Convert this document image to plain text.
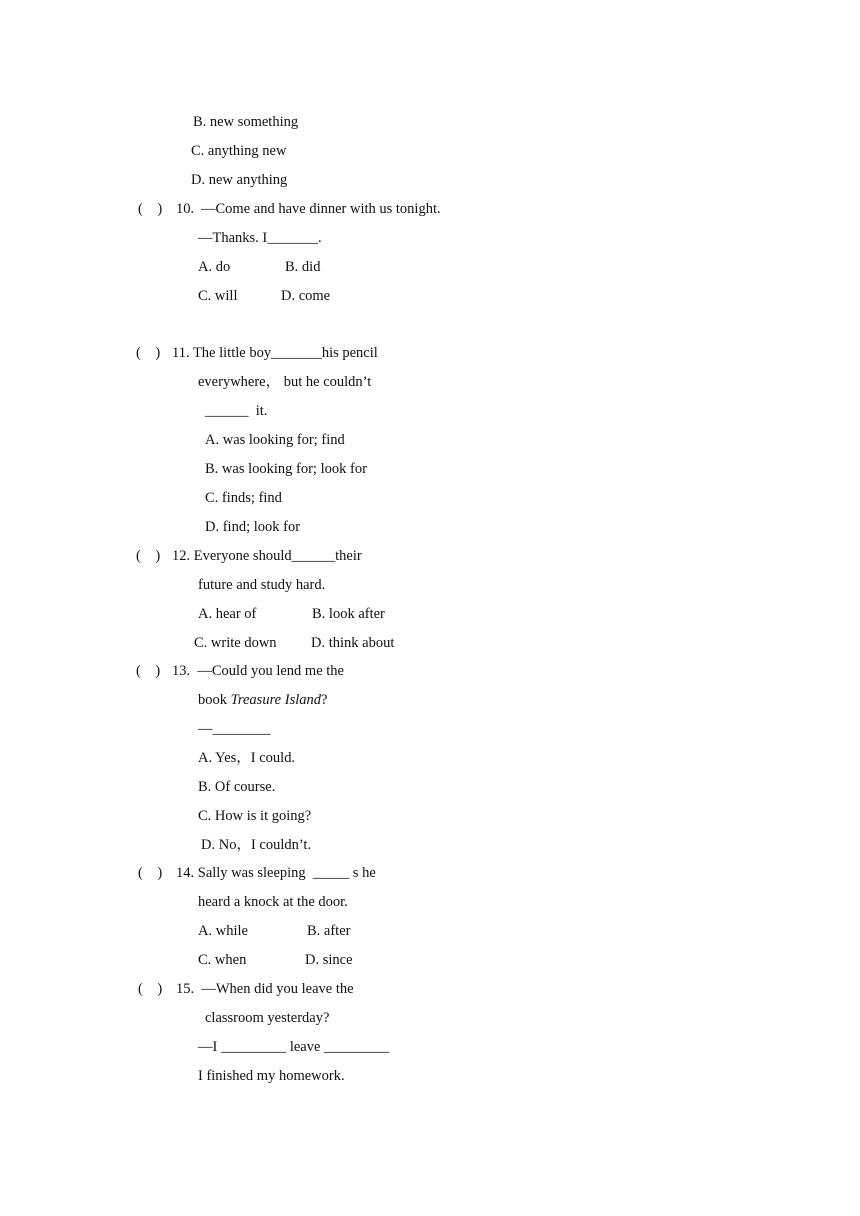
B. new something
C. anything new
D. new anything
(　) 10. —Come and have dinner with us tonight.
—Thanks. I_______.
A. do	B. did
C. will	D. come
(　) 11. The little boy_______his pencil
everywhere， but he couldn’t
______  it.
A. was looking for; find
B. was looking for; look for
C. finds; find
D. find; look for
(　) 12. Everyone should______their
future and study hard.
A. hear of	B. look after
C. write down D. think about
(　) 13.  —Could you lend me the
book Treasure Island?
—________
A. Yes，I could.
B. Of course.
C. How is it going?
D. No，I couldn’t.
(　) 14. Sally was sleeping  _____ s he
heard a knock at the door.
A. while	B. after
C. when	D. since
(　) 15.  —When did you leave the
classroom yesterday?
—I _________ leave _________
I finished my homework.
